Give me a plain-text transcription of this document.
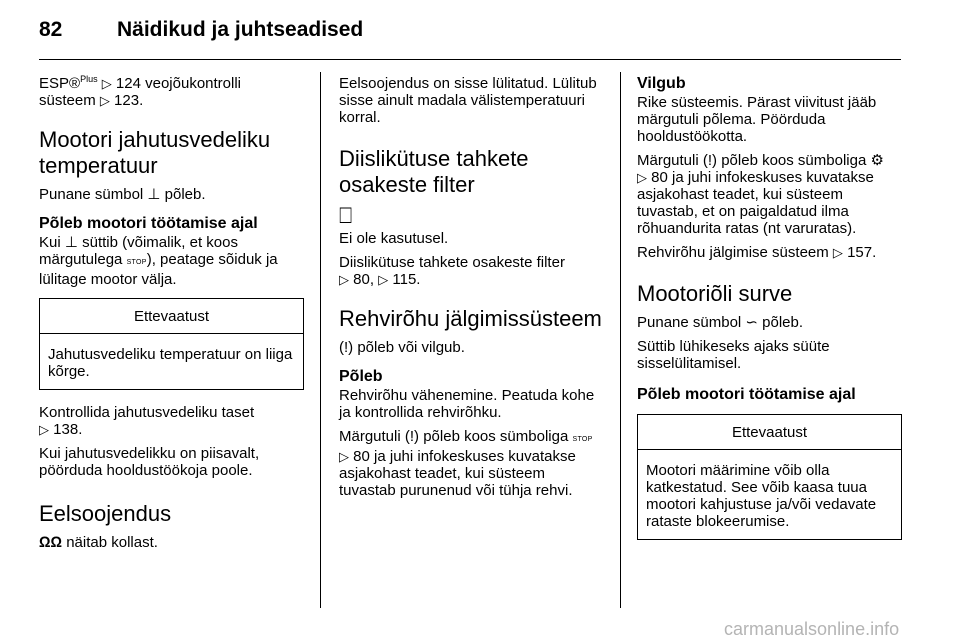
82	Näidikud ja juhtseadised

ESP®$^{Plus}$ ▷ 124 veojõukontrolli
süsteem ▷ 123.

Mootori jahutusvedeliku temperatuur

Punane sümbol ⊥ põleb.

Põleb mootori töötamise ajal

Kui ⊥ süttib (võimalik, et koos märgutulega STOP), peatage sõiduk ja lülitage mootor välja.

Ettevaatust
Jahutusvedeliku temperatuur on liiga kõrge.

Kontrollida jahutusvedeliku taset
▷ 138.

Kui jahutusvedelikku on piisavalt, pöörduda hooldustöökoja poole.

Eelsoojendus

ΩΩ näitab kollast.

Eelsoojendus on sisse lülitatud. Lülitub sisse ainult madala välistemperatuuri korral.

Diislikütuse tahkete osakeste filter
⎕

Ei ole kasutusel.

Diislikütuse tahkete osakeste filter
▷ 80, ▷ 115.

Rehvirõhu jälgimissüsteem

(!) põleb või vilgub.

Põleb

Rehvirõhu vähenemine. Peatuda kohe ja kontrollida rehvirõhku.

Märgutuli (!) põleb koos sümboliga STOP
▷ 80 ja juhi infokeskuses kuvatakse asjakohast teadet, kui süsteem tuvastab purunenud või tühja rehvi.

Vilgub

Rike süsteemis. Pärast viivitust jääb märgutuli põlema. Pöörduda hooldustöökotta.

Märgutuli (!) põleb koos sümboliga ⚙
▷ 80 ja juhi infokeskuses kuvatakse asjakohast teadet, kui süsteem tuvastab, et on paigaldatud ilma rõhuandurita ratas (nt varuratas).

Rehvirõhu jälgimise süsteem ▷ 157.

Mootoriõli surve

Punane sümbol ∽ põleb.

Süttib lühikeseks ajaks süüte sisselülitamisel.

Põleb mootori töötamise ajal
Ettevaatust
Mootori määrimine võib olla katkestatud. See võib kaasa tuua mootori kahjustuse ja/või vedavate rataste blokeerumise.
carmanualsonline.info
